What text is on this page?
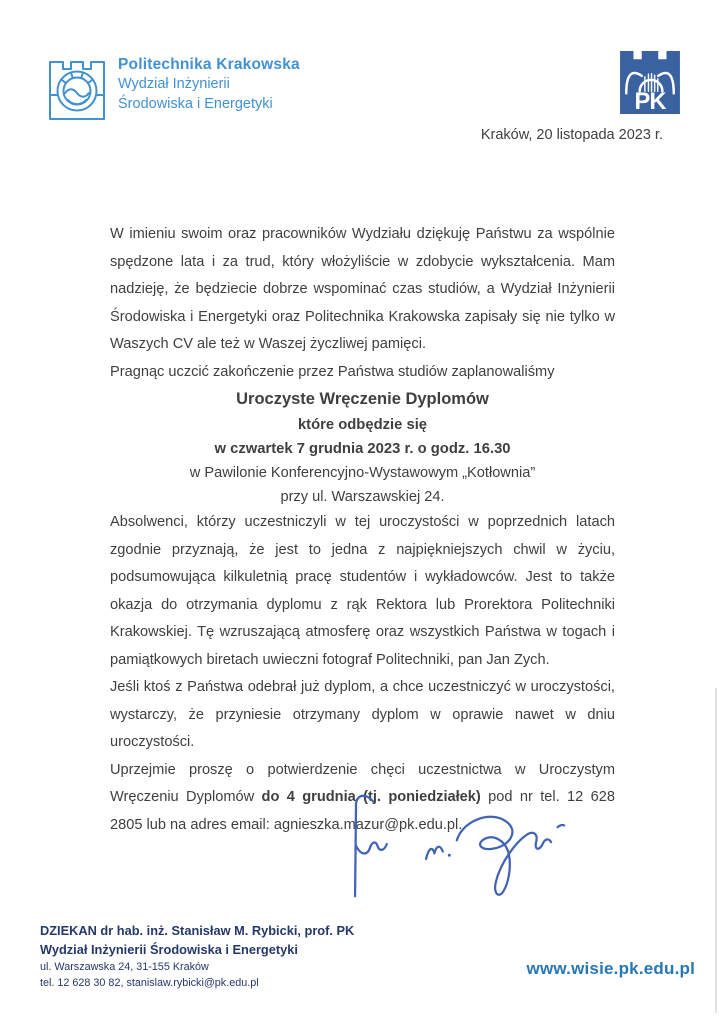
Politechnika Krakowska
Wydział Inżynierii
Środowiska i Energetyki	PK
Kraków, 20 listopada 2023 r.

W imieniu swoim oraz pracowników Wydziału dziękuję Państwu za wspólnie spędzone lata i za trud, który włożyliście w zdobycie wykształcenia. Mam nadzieję, że będziecie dobrze wspominać czas studiów, a Wydział Inżynierii Środowiska i Energetyki oraz Politechnika Krakowska zapisały się nie tylko w Waszych CV ale też w Waszej życzliwej pamięci.

Pragnąc uczcić zakończenie przez Państwa studiów zaplanowaliśmy

Uroczyste Wręczenie Dyplomów

które odbędzie się

w czwartek 7 grudnia 2023 r. o godz. 16.30

w Pawilonie Konferencyjno-Wystawowym „Kotłownia”

przy ul. Warszawskiej 24.

Absolwenci, którzy uczestniczyli w tej uroczystości w poprzednich latach zgodnie przyznają, że jest to jedna z najpiękniejszych chwil w życiu, podsumowująca kilkuletnią pracę studentów i wykładowców. Jest to także okazja do otrzymania dyplomu z rąk Rektora lub Prorektora Politechniki Krakowskiej. Tę wzruszającą atmosferę oraz wszystkich Państwa w togach i pamiątkowych biretach uwieczni fotograf Politechniki, pan Jan Zych.

Jeśli ktoś z Państwa odebrał już dyplom, a chce uczestniczyć w uroczystości, wystarczy, że przyniesie otrzymany dyplom w oprawie nawet w dniu uroczystości.

Uprzejmie proszę o potwierdzenie chęci uczestnictwa w Uroczystym Wręczeniu Dyplomów do 4 grudnia (tj. poniedziałek) pod nr tel. 12 628 2805 lub na adres email: agnieszka.mazur@pk.edu.pl.

DZIEKAN dr hab. inż. Stanisław M. Rybicki, prof. PK
Wydział Inżynierii Środowiska i Energetyki
ul. Warszawska 24, 31-155 Kraków
tel. 12 628 30 82, stanislaw.rybicki@pk.edu.pl
www.wisie.pk.edu.pl
